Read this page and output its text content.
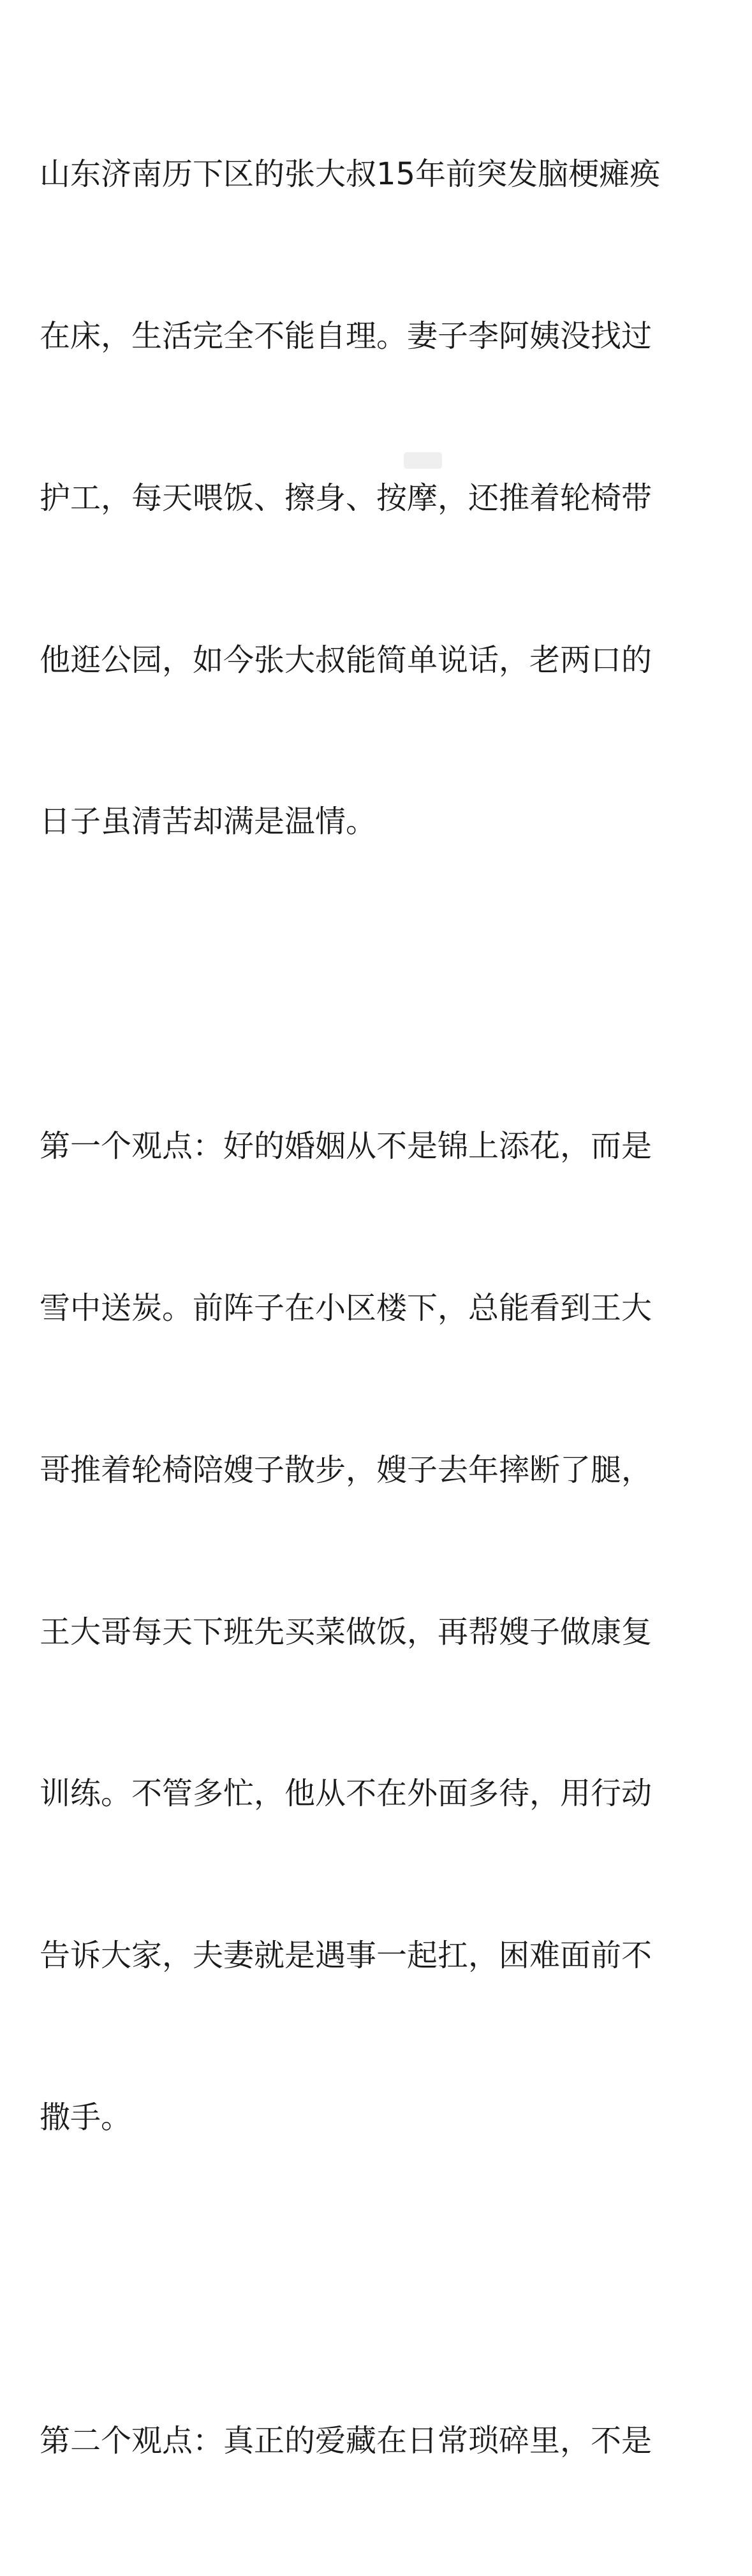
山东济南历下区的张大叔15年前突发脑梗瘫痪

在床，生活完全不能自理。妻子李阿姨没找过

护工，每天喂饭、擦身、按摩，还推着轮椅带

他逛公园，如今张大叔能简单说话，老两口的

日子虽清苦却满是温情。

第一个观点：好的婚姻从不是锦上添花，而是

雪中送炭。前阵子在小区楼下，总能看到王大

哥推着轮椅陪嫂子散步，嫂子去年摔断了腿，

王大哥每天下班先买菜做饭，再帮嫂子做康复

训练。不管多忙，他从不在外面多待，用行动

告诉大家，夫妻就是遇事一起扛，困难面前不

撒手。

第二个观点：真正的爱藏在日常琐碎里，不是
